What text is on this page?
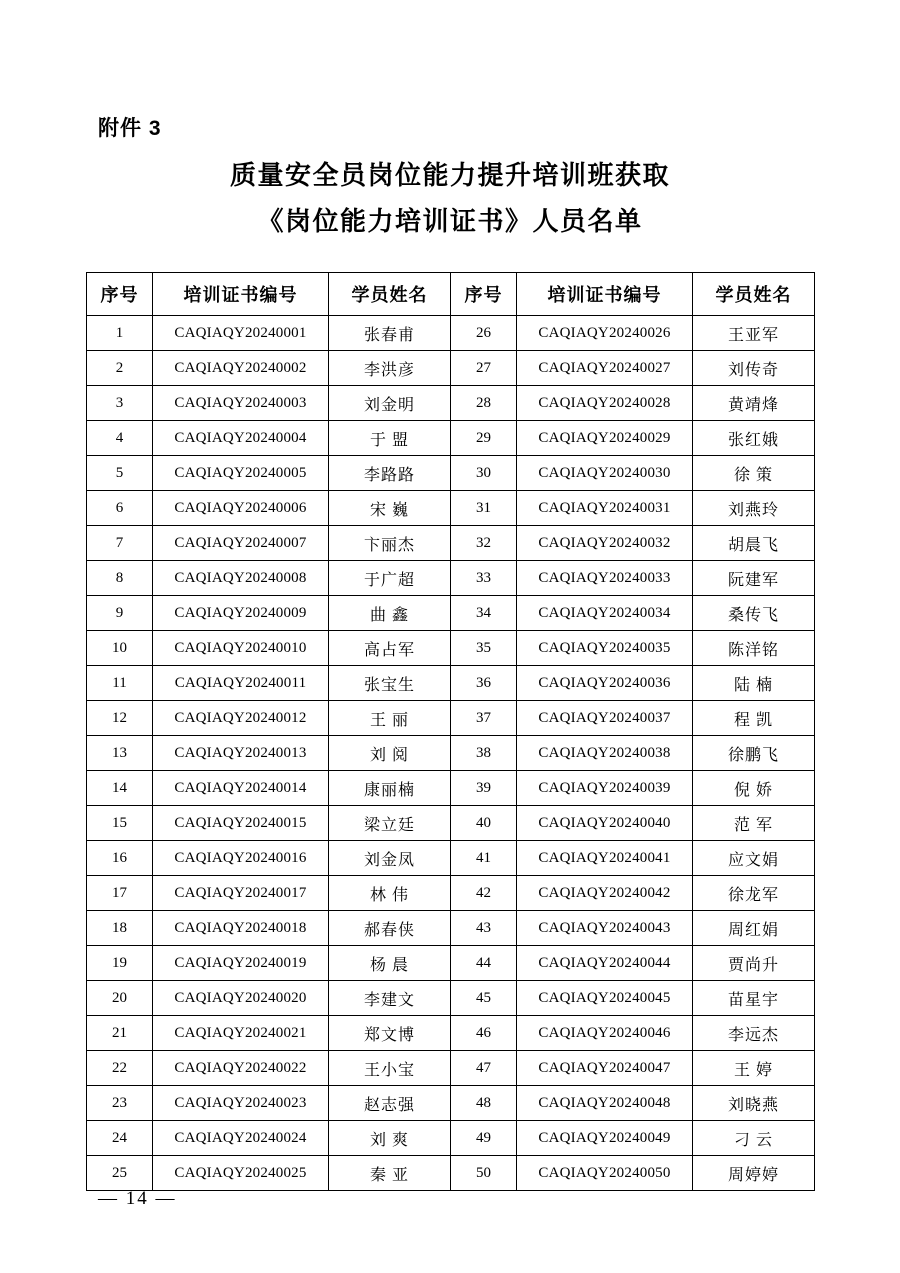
附件 3
质量安全员岗位能力提升培训班获取
《岗位能力培训证书》人员名单
序号	培训证书编号	学员姓名	序号	培训证书编号	学员姓名
1	CAQIAQY20240001	张春甫	26	CAQIAQY20240026	王亚军
2	CAQIAQY20240002	李洪彦	27	CAQIAQY20240027	刘传奇
3	CAQIAQY20240003	刘金明	28	CAQIAQY20240028	黄靖烽
4	CAQIAQY20240004	于 盟	29	CAQIAQY20240029	张红娥
5	CAQIAQY20240005	李路路	30	CAQIAQY20240030	徐 策
6	CAQIAQY20240006	宋 巍	31	CAQIAQY20240031	刘燕玲
7	CAQIAQY20240007	卞丽杰	32	CAQIAQY20240032	胡晨飞
8	CAQIAQY20240008	于广超	33	CAQIAQY20240033	阮建军
9	CAQIAQY20240009	曲 鑫	34	CAQIAQY20240034	桑传飞
10	CAQIAQY20240010	高占军	35	CAQIAQY20240035	陈洋铭
11	CAQIAQY20240011	张宝生	36	CAQIAQY20240036	陆 楠
12	CAQIAQY20240012	王 丽	37	CAQIAQY20240037	程 凯
13	CAQIAQY20240013	刘 阅	38	CAQIAQY20240038	徐鹏飞
14	CAQIAQY20240014	康丽楠	39	CAQIAQY20240039	倪 娇
15	CAQIAQY20240015	梁立廷	40	CAQIAQY20240040	范 军
16	CAQIAQY20240016	刘金凤	41	CAQIAQY20240041	应文娟
17	CAQIAQY20240017	林 伟	42	CAQIAQY20240042	徐龙军
18	CAQIAQY20240018	郝春侠	43	CAQIAQY20240043	周红娟
19	CAQIAQY20240019	杨 晨	44	CAQIAQY20240044	贾尚升
20	CAQIAQY20240020	李建文	45	CAQIAQY20240045	苗星宇
21	CAQIAQY20240021	郑文博	46	CAQIAQY20240046	李远杰
22	CAQIAQY20240022	王小宝	47	CAQIAQY20240047	王 婷
23	CAQIAQY20240023	赵志强	48	CAQIAQY20240048	刘晓燕
24	CAQIAQY20240024	刘 爽	49	CAQIAQY20240049	刁 云
25	CAQIAQY20240025	秦 亚	50	CAQIAQY20240050	周婷婷
— 14 —
